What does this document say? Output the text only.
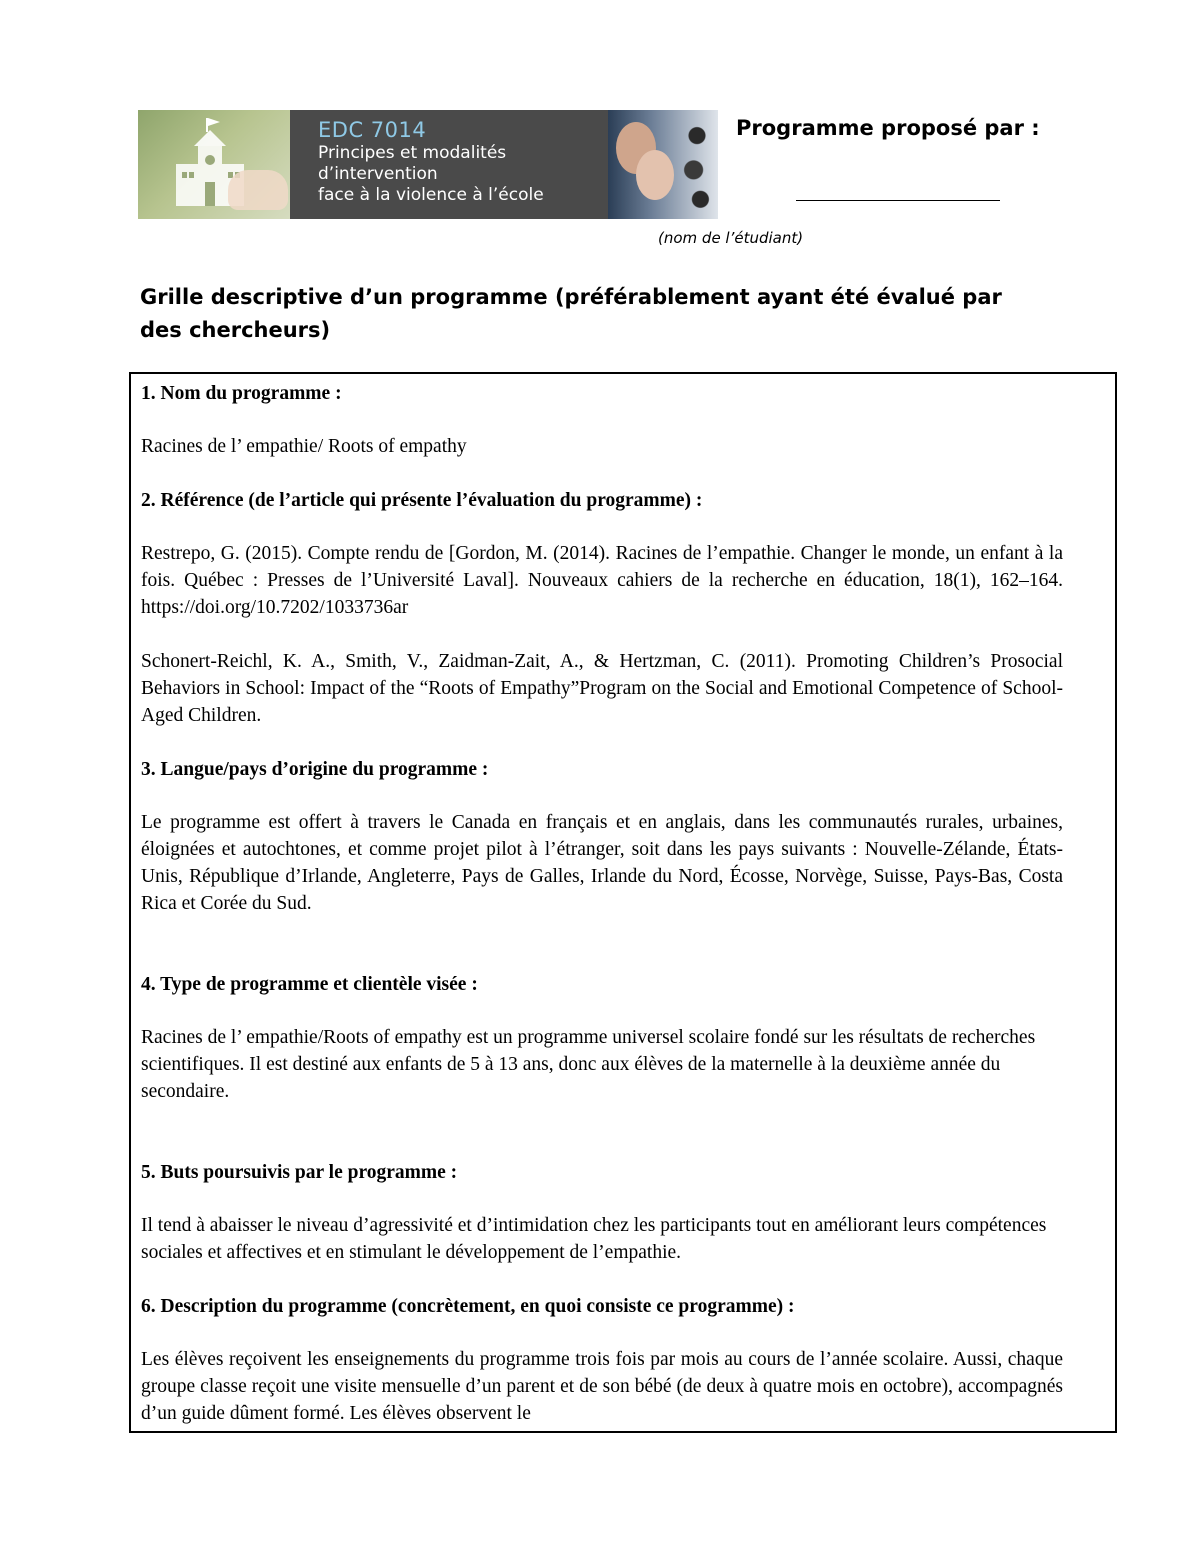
EDC 7014
Principes et modalités
d’intervention
face à la violence à l’école
Programme proposé par :
(nom de l’étudiant)
Grille descriptive d’un programme (préférablement ayant été évalué par des chercheurs)

1. Nom du programme :

Racines de l’ empathie/ Roots of empathy

2. Référence (de l’article qui présente l’évaluation du programme) :

Restrepo, G. (2015). Compte rendu de [Gordon, M. (2014). Racines de l’empathie. Changer le monde, un enfant à la fois. Québec : Presses de l’Université Laval]. Nouveaux cahiers de la recherche en éducation, 18(1), 162–164. https://doi.org/10.7202/1033736ar

Schonert-Reichl, K. A., Smith, V., Zaidman-Zait, A., & Hertzman, C. (2011). Promoting Children’s Prosocial Behaviors in School: Impact of the “Roots of Empathy”Program on the Social and Emotional Competence of School-Aged Children.

3. Langue/pays d’origine du programme :

Le programme est offert à travers le Canada en français et en anglais, dans les communautés rurales, urbaines, éloignées et autochtones, et comme projet pilot à l’étranger, soit dans les pays suivants : Nouvelle-Zélande, États-Unis, République d’Irlande, Angleterre, Pays de Galles, Irlande du Nord, Écosse, Norvège, Suisse, Pays-Bas, Costa Rica et Corée du Sud.

4. Type de programme et clientèle visée :

Racines de l’ empathie/Roots of empathy est un programme universel scolaire fondé sur les résultats de recherches scientifiques. Il est destiné aux enfants de 5 à 13 ans, donc aux élèves de la maternelle à la deuxième année du secondaire.

5. Buts poursuivis par le programme :

Il tend à abaisser le niveau d’agressivité et d’intimidation chez les participants tout en améliorant leurs compétences sociales et affectives et en stimulant le développement de l’empathie.

6. Description du programme (concrètement, en quoi consiste ce programme) :

Les élèves reçoivent les enseignements du programme trois fois par mois au cours de l’année scolaire. Aussi, chaque groupe classe reçoit une visite mensuelle d’un parent et de son bébé (de deux à quatre mois en octobre), accompagnés d’un guide dûment formé. Les élèves observent le
